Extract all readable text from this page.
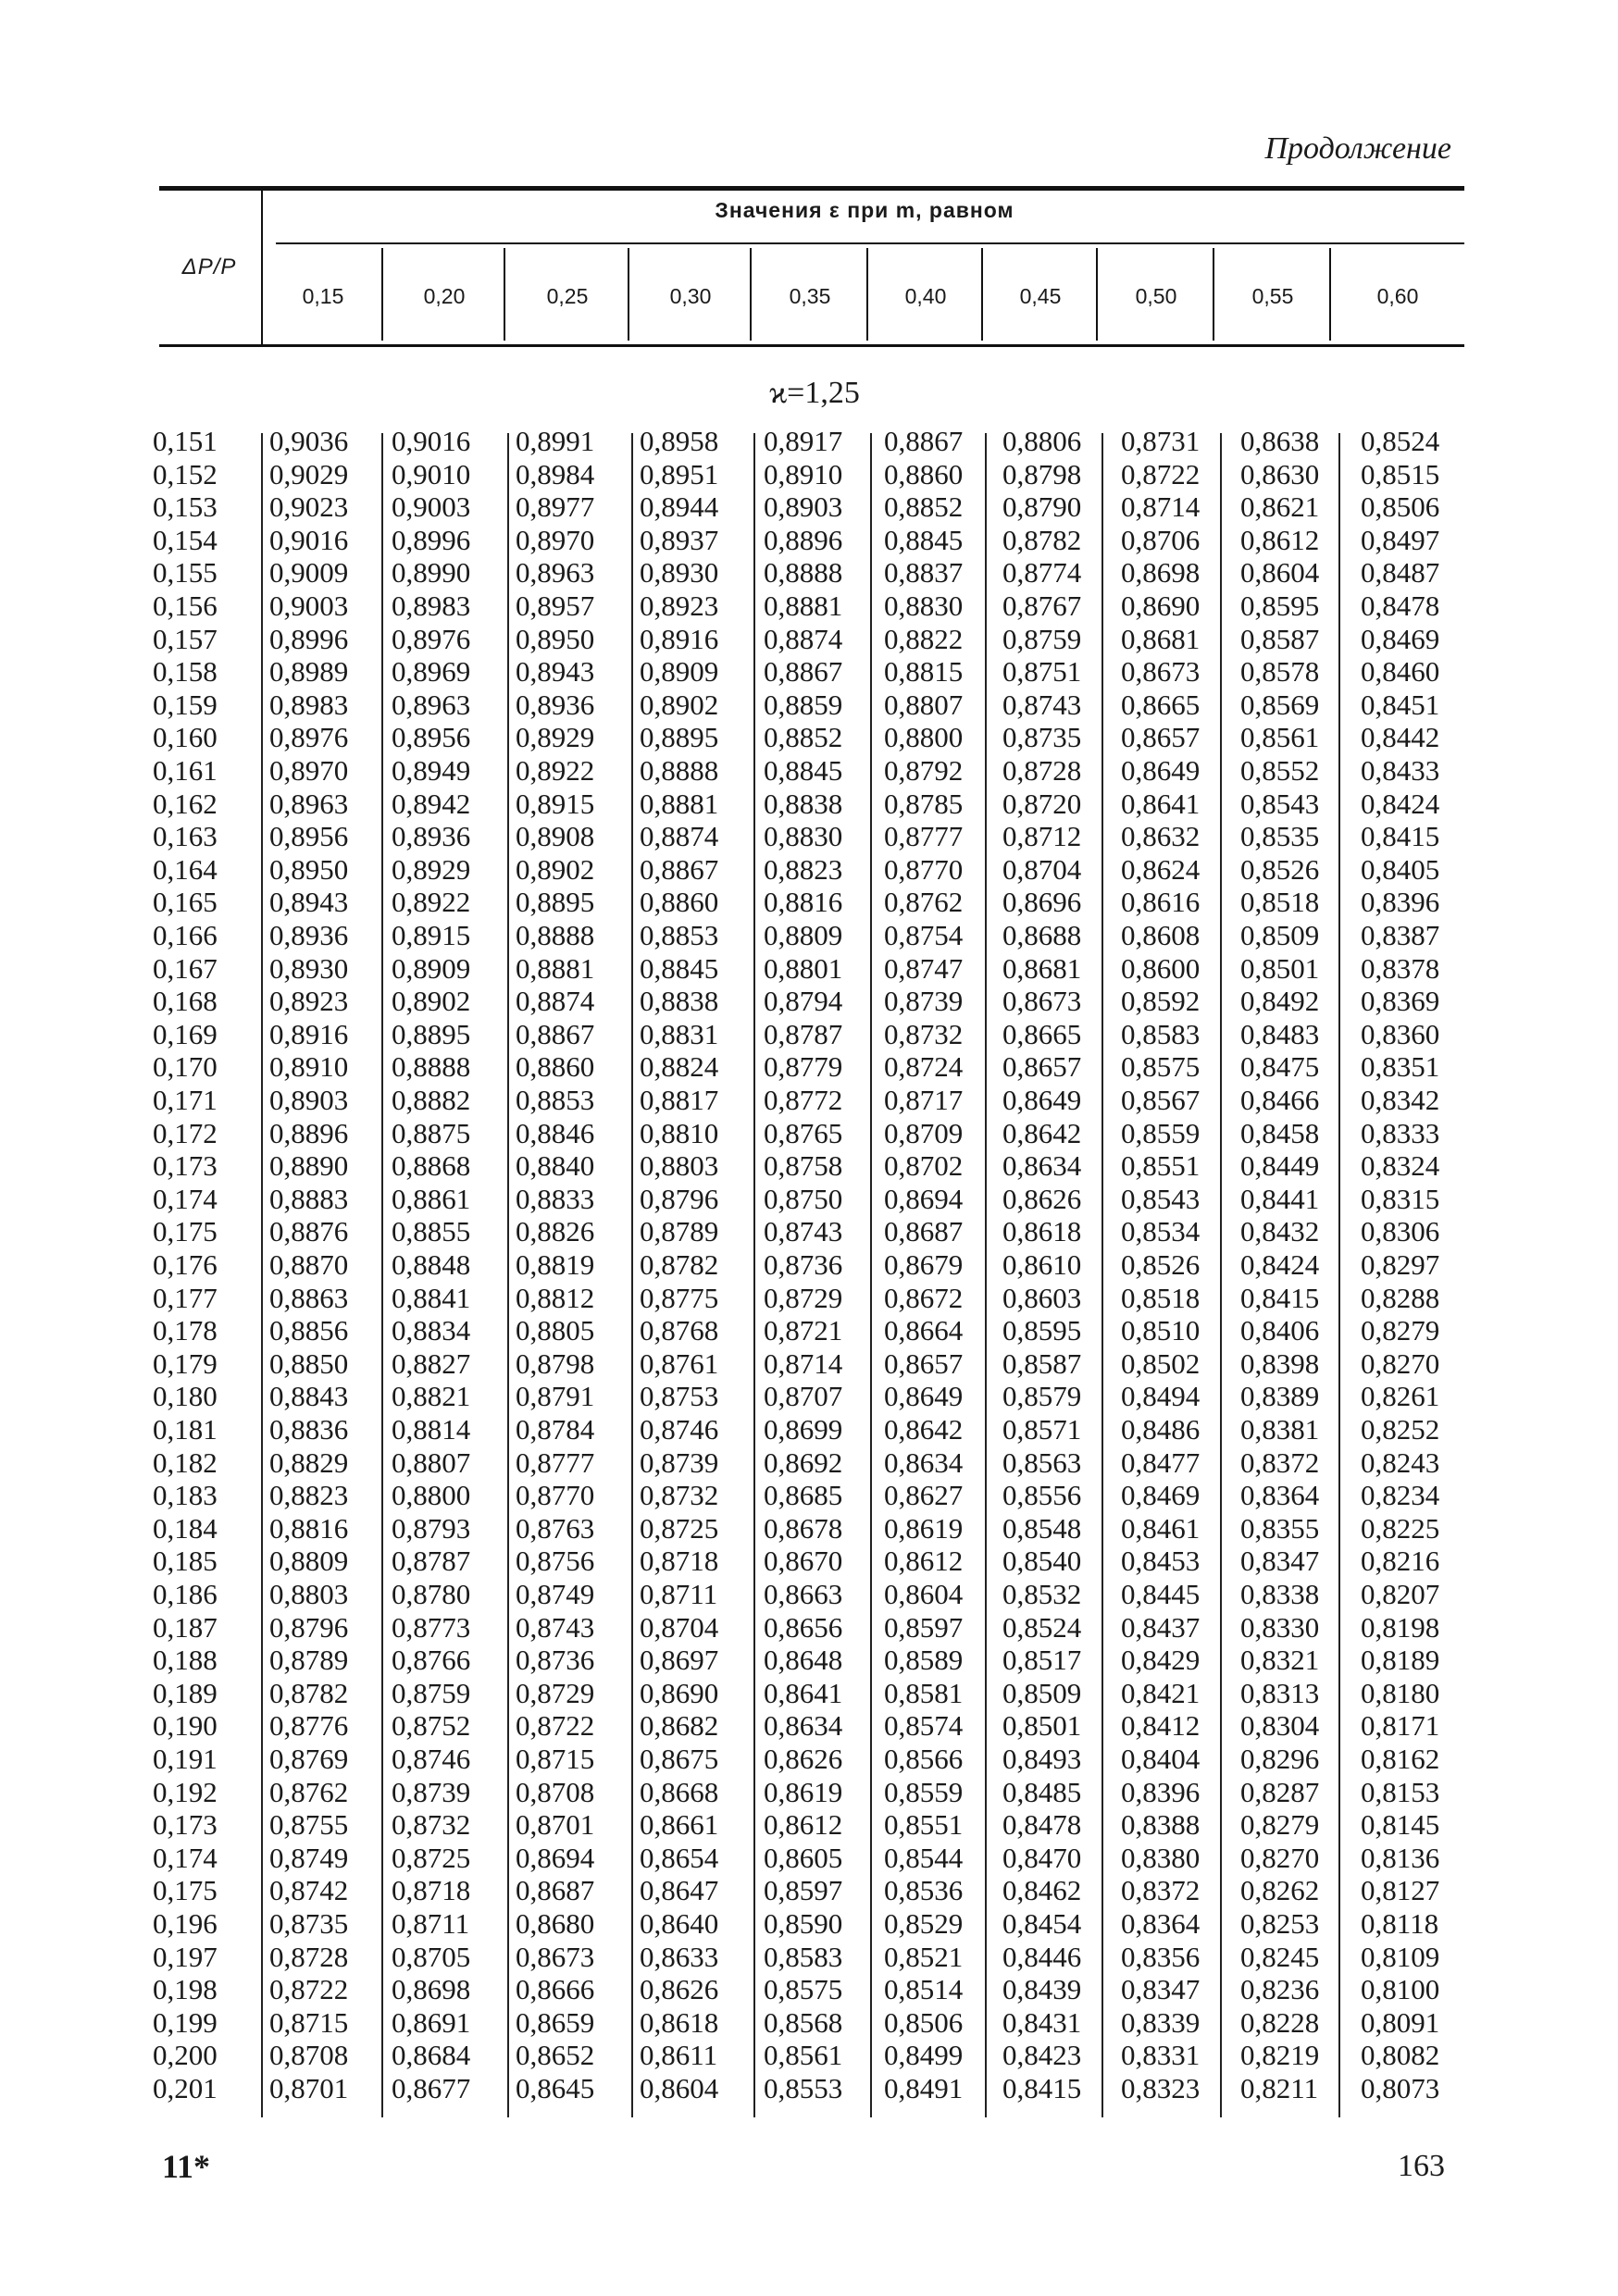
Продолжение
ΔP/P
Значения ε при m, равном
0,15	0,20	0,25	0,30	0,35	0,40	0,45	0,50	0,55	0,60
ϰ=1,25
0,151 0,9036 0,9016 0,8991 0,8958 0,8917 0,8867 0,8806 0,8731 0,8638 0,8524
0,152 0,9029 0,9010 0,8984 0,8951 0,8910 0,8860 0,8798 0,8722 0,8630 0,8515
0,153 0,9023 0,9003 0,8977 0,8944 0,8903 0,8852 0,8790 0,8714 0,8621 0,8506
0,154 0,9016 0,8996 0,8970 0,8937 0,8896 0,8845 0,8782 0,8706 0,8612 0,8497
0,155 0,9009 0,8990 0,8963 0,8930 0,8888 0,8837 0,8774 0,8698 0,8604 0,8487
0,156 0,9003 0,8983 0,8957 0,8923 0,8881 0,8830 0,8767 0,8690 0,8595 0,8478
0,157 0,8996 0,8976 0,8950 0,8916 0,8874 0,8822 0,8759 0,8681 0,8587 0,8469
0,158 0,8989 0,8969 0,8943 0,8909 0,8867 0,8815 0,8751 0,8673 0,8578 0,8460
0,159 0,8983 0,8963 0,8936 0,8902 0,8859 0,8807 0,8743 0,8665 0,8569 0,8451
0,160 0,8976 0,8956 0,8929 0,8895 0,8852 0,8800 0,8735 0,8657 0,8561 0,8442
0,161 0,8970 0,8949 0,8922 0,8888 0,8845 0,8792 0,8728 0,8649 0,8552 0,8433
0,162 0,8963 0,8942 0,8915 0,8881 0,8838 0,8785 0,8720 0,8641 0,8543 0,8424
0,163 0,8956 0,8936 0,8908 0,8874 0,8830 0,8777 0,8712 0,8632 0,8535 0,8415
0,164 0,8950 0,8929 0,8902 0,8867 0,8823 0,8770 0,8704 0,8624 0,8526 0,8405
0,165 0,8943 0,8922 0,8895 0,8860 0,8816 0,8762 0,8696 0,8616 0,8518 0,8396
0,166 0,8936 0,8915 0,8888 0,8853 0,8809 0,8754 0,8688 0,8608 0,8509 0,8387
0,167 0,8930 0,8909 0,8881 0,8845 0,8801 0,8747 0,8681 0,8600 0,8501 0,8378
0,168 0,8923 0,8902 0,8874 0,8838 0,8794 0,8739 0,8673 0,8592 0,8492 0,8369
0,169 0,8916 0,8895 0,8867 0,8831 0,8787 0,8732 0,8665 0,8583 0,8483 0,8360
0,170 0,8910 0,8888 0,8860 0,8824 0,8779 0,8724 0,8657 0,8575 0,8475 0,8351
0,171 0,8903 0,8882 0,8853 0,8817 0,8772 0,8717 0,8649 0,8567 0,8466 0,8342
0,172 0,8896 0,8875 0,8846 0,8810 0,8765 0,8709 0,8642 0,8559 0,8458 0,8333
0,173 0,8890 0,8868 0,8840 0,8803 0,8758 0,8702 0,8634 0,8551 0,8449 0,8324
0,174 0,8883 0,8861 0,8833 0,8796 0,8750 0,8694 0,8626 0,8543 0,8441 0,8315
0,175 0,8876 0,8855 0,8826 0,8789 0,8743 0,8687 0,8618 0,8534 0,8432 0,8306
0,176 0,8870 0,8848 0,8819 0,8782 0,8736 0,8679 0,8610 0,8526 0,8424 0,8297
0,177 0,8863 0,8841 0,8812 0,8775 0,8729 0,8672 0,8603 0,8518 0,8415 0,8288
0,178 0,8856 0,8834 0,8805 0,8768 0,8721 0,8664 0,8595 0,8510 0,8406 0,8279
0,179 0,8850 0,8827 0,8798 0,8761 0,8714 0,8657 0,8587 0,8502 0,8398 0,8270
0,180 0,8843 0,8821 0,8791 0,8753 0,8707 0,8649 0,8579 0,8494 0,8389 0,8261
0,181 0,8836 0,8814 0,8784 0,8746 0,8699 0,8642 0,8571 0,8486 0,8381 0,8252
0,182 0,8829 0,8807 0,8777 0,8739 0,8692 0,8634 0,8563 0,8477 0,8372 0,8243
0,183 0,8823 0,8800 0,8770 0,8732 0,8685 0,8627 0,8556 0,8469 0,8364 0,8234
0,184 0,8816 0,8793 0,8763 0,8725 0,8678 0,8619 0,8548 0,8461 0,8355 0,8225
0,185 0,8809 0,8787 0,8756 0,8718 0,8670 0,8612 0,8540 0,8453 0,8347 0,8216
0,186 0,8803 0,8780 0,8749 0,8711 0,8663 0,8604 0,8532 0,8445 0,8338 0,8207
0,187 0,8796 0,8773 0,8743 0,8704 0,8656 0,8597 0,8524 0,8437 0,8330 0,8198
0,188 0,8789 0,8766 0,8736 0,8697 0,8648 0,8589 0,8517 0,8429 0,8321 0,8189
0,189 0,8782 0,8759 0,8729 0,8690 0,8641 0,8581 0,8509 0,8421 0,8313 0,8180
0,190 0,8776 0,8752 0,8722 0,8682 0,8634 0,8574 0,8501 0,8412 0,8304 0,8171
0,191 0,8769 0,8746 0,8715 0,8675 0,8626 0,8566 0,8493 0,8404 0,8296 0,8162
0,192 0,8762 0,8739 0,8708 0,8668 0,8619 0,8559 0,8485 0,8396 0,8287 0,8153
0,173 0,8755 0,8732 0,8701 0,8661 0,8612 0,8551 0,8478 0,8388 0,8279 0,8145
0,174 0,8749 0,8725 0,8694 0,8654 0,8605 0,8544 0,8470 0,8380 0,8270 0,8136
0,175 0,8742 0,8718 0,8687 0,8647 0,8597 0,8536 0,8462 0,8372 0,8262 0,8127
0,196 0,8735 0,8711 0,8680 0,8640 0,8590 0,8529 0,8454 0,8364 0,8253 0,8118
0,197 0,8728 0,8705 0,8673 0,8633 0,8583 0,8521 0,8446 0,8356 0,8245 0,8109
0,198 0,8722 0,8698 0,8666 0,8626 0,8575 0,8514 0,8439 0,8347 0,8236 0,8100
0,199 0,8715 0,8691 0,8659 0,8618 0,8568 0,8506 0,8431 0,8339 0,8228 0,8091
0,200 0,8708 0,8684 0,8652 0,8611 0,8561 0,8499 0,8423 0,8331 0,8219 0,8082
0,201 0,8701 0,8677 0,8645 0,8604 0,8553 0,8491 0,8415 0,8323 0,8211 0,8073
11*	163
